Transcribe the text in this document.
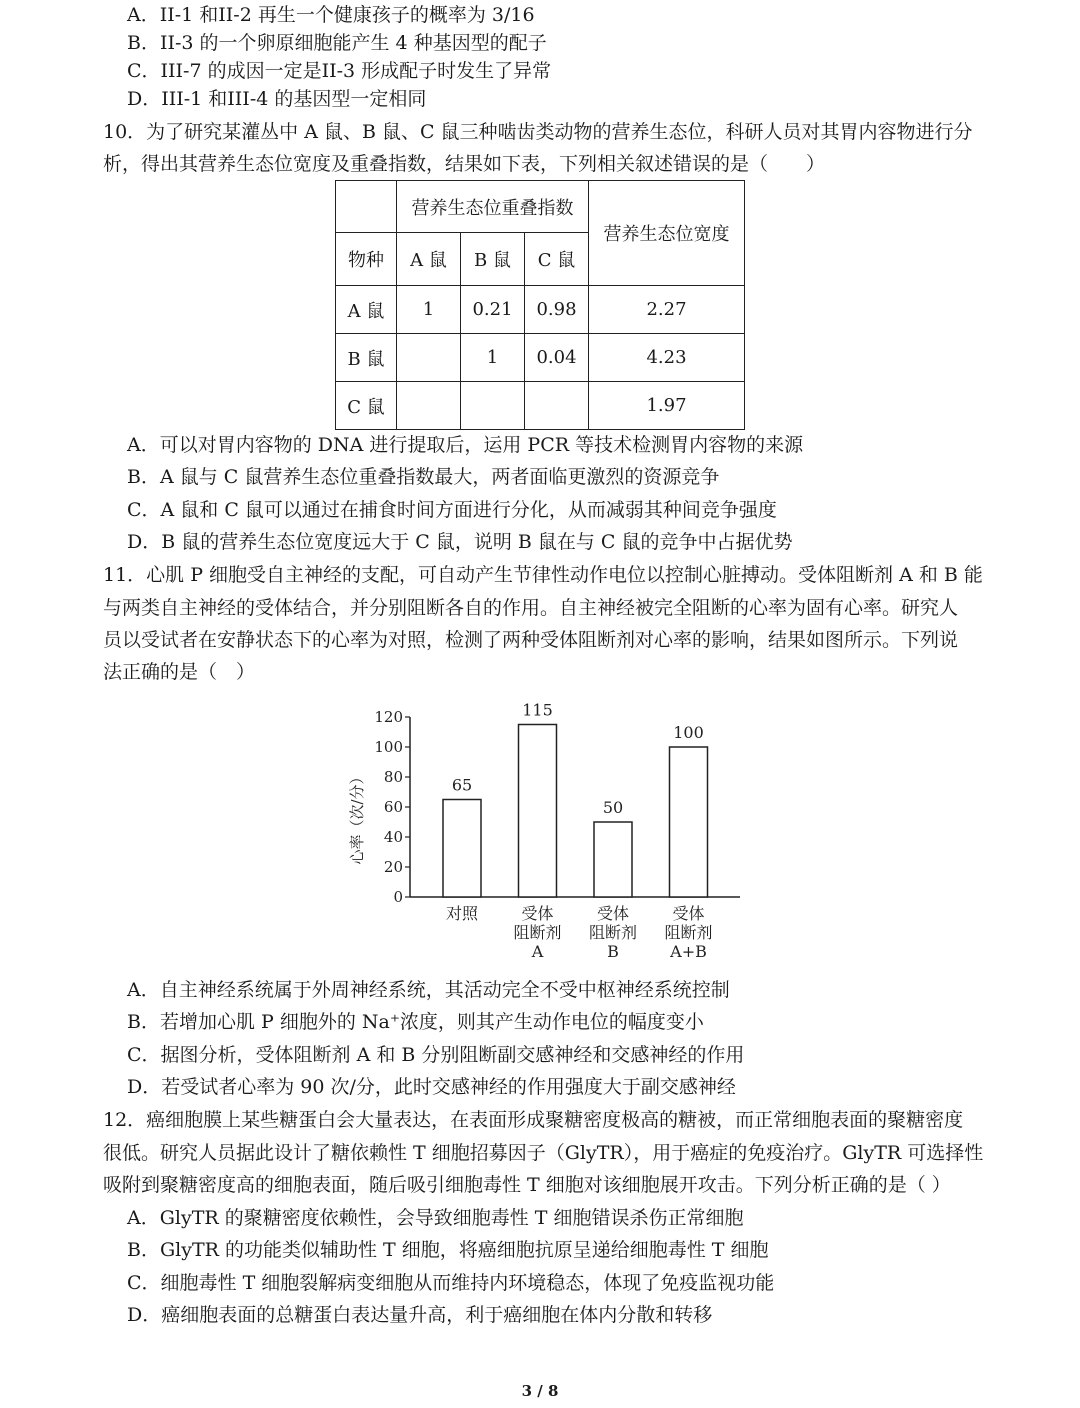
A．II-1 和II-2 再生一个健康孩子的概率为 3/16
B．II-3 的一个卵原细胞能产生 4 种基因型的配子
C．III-7 的成因一定是II-3 形成配子时发生了异常
D．III-1 和III-4 的基因型一定相同
10．为了研究某灌丛中 A 鼠、B 鼠、C 鼠三种啮齿类动物的营养生态位，科研人员对其胃内容物进行分
析，得出其营养生态位宽度及重叠指数，结果如下表，下列相关叙述错误的是（　　）
	营养生态位重叠指数			营养生态位宽度
物种	A 鼠	B 鼠	C 鼠	
A 鼠	1	0.21	0.98	2.27
B 鼠		1	0.04	4.23
C 鼠				1.97
A．可以对胃内容物的 DNA 进行提取后，运用 PCR 等技术检测胃内容物的来源
B．A 鼠与 C 鼠营养生态位重叠指数最大，两者面临更激烈的资源竞争
C．A 鼠和 C 鼠可以通过在捕食时间方面进行分化，从而减弱其种间竞争强度
D．B 鼠的营养生态位宽度远大于 C 鼠，说明 B 鼠在与 C 鼠的竞争中占据优势
11．心肌 P 细胞受自主神经的支配，可自动产生节律性动作电位以控制心脏搏动。受体阻断剂 A 和 B 能
与两类自主神经的受体结合，并分别阻断各自的作用。自主神经被完全阻断的心率为固有心率。研究人
员以受试者在安静状态下的心率为对照，检测了两种受体阻断剂对心率的影响，结果如图所示。下列说
法正确的是（　）
0
20
40
60
80
100
120
心率（次/分）	65
对照
115
受体
阻断剂
A
50
受体
阻断剂
B
100
受体
阻断剂
A+B
A．自主神经系统属于外周神经系统，其活动完全不受中枢神经系统控制
B．若增加心肌 P 细胞外的 Na⁺浓度，则其产生动作电位的幅度变小
C．据图分析，受体阻断剂 A 和 B 分别阻断副交感神经和交感神经的作用
D．若受试者心率为 90 次/分，此时交感神经的作用强度大于副交感神经
12．癌细胞膜上某些糖蛋白会大量表达，在表面形成聚糖密度极高的糖被，而正常细胞表面的聚糖密度
很低。研究人员据此设计了糖依赖性 T 细胞招募因子（GlyTR），用于癌症的免疫治疗。GlyTR 可选择性
吸附到聚糖密度高的细胞表面，随后吸引细胞毒性 T 细胞对该细胞展开攻击。下列分析正确的是（ ）
A．GlyTR 的聚糖密度依赖性，会导致细胞毒性 T 细胞错误杀伤正常细胞
B．GlyTR 的功能类似辅助性 T 细胞，将癌细胞抗原呈递给细胞毒性 T 细胞
C．细胞毒性 T 细胞裂解病变细胞从而维持内环境稳态，体现了免疫监视功能
D．癌细胞表面的总糖蛋白表达量升高，利于癌细胞在体内分散和转移
3 / 8
